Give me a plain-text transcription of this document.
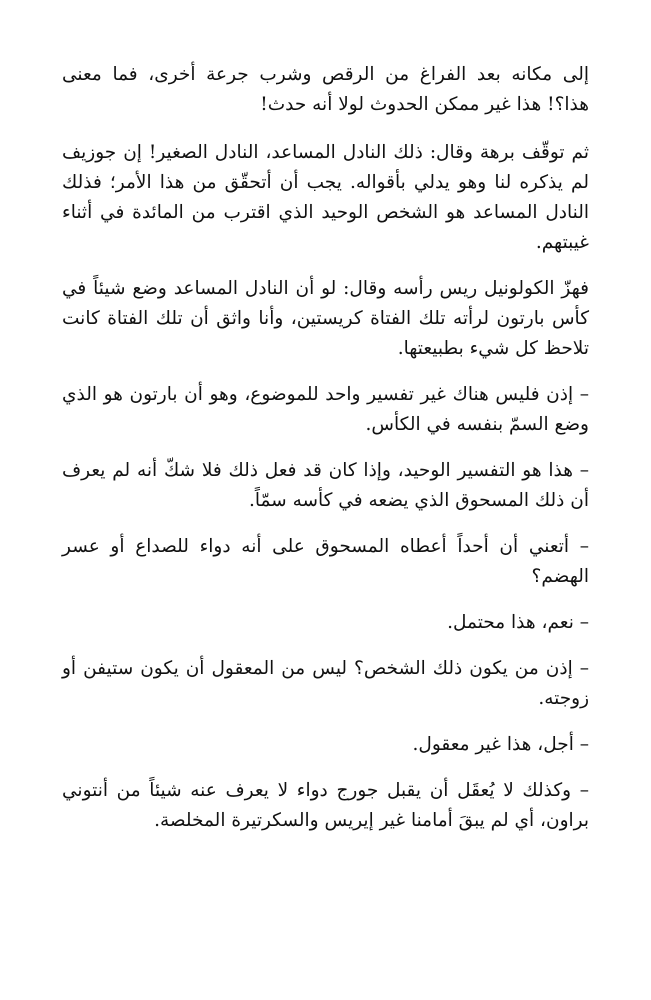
إلى مكانه بعد الفراغ من الرقص وشرب جرعة أخرى، فما معنى هذا؟! هذا غير ممكن الحدوث لولا أنه حدث!

ثم توقّف برهة وقال: ذلك النادل المساعد، النادل الصغير! إن جوزيف لم يذكره لنا وهو يدلي بأقواله. يجب أن أتحقّق من هذا الأمر؛ فذلك النادل المساعد هو الشخص الوحيد الذي اقترب من المائدة في أثناء غيبتهم.

فهزّ الكولونيل ريس رأسه وقال: لو أن النادل المساعد وضع شيئاً في كأس بارتون لرأته تلك الفتاة كريستين، وأنا واثق أن تلك الفتاة كانت تلاحظ كل شيء بطبيعتها.

– إذن فليس هناك غير تفسير واحد للموضوع، وهو أن بارتون هو الذي وضع السمّ بنفسه في الكأس.

– هذا هو التفسير الوحيد، وإذا كان قد فعل ذلك فلا شكّ أنه لم يعرف أن ذلك المسحوق الذي يضعه في كأسه سمّاً.

– أتعني أن أحداً أعطاه المسحوق على أنه دواء للصداع أو عسر الهضم؟

– نعم، هذا محتمل.

– إذن من يكون ذلك الشخص؟ ليس من المعقول أن يكون ستيفن أو زوجته.

– أجل، هذا غير معقول.

– وكذلك لا يُعقَل أن يقبل جورج دواء لا يعرف عنه شيئاً من أنتوني براون، أي لم يبقَ أمامنا غير إيريس والسكرتيرة المخلصة.
